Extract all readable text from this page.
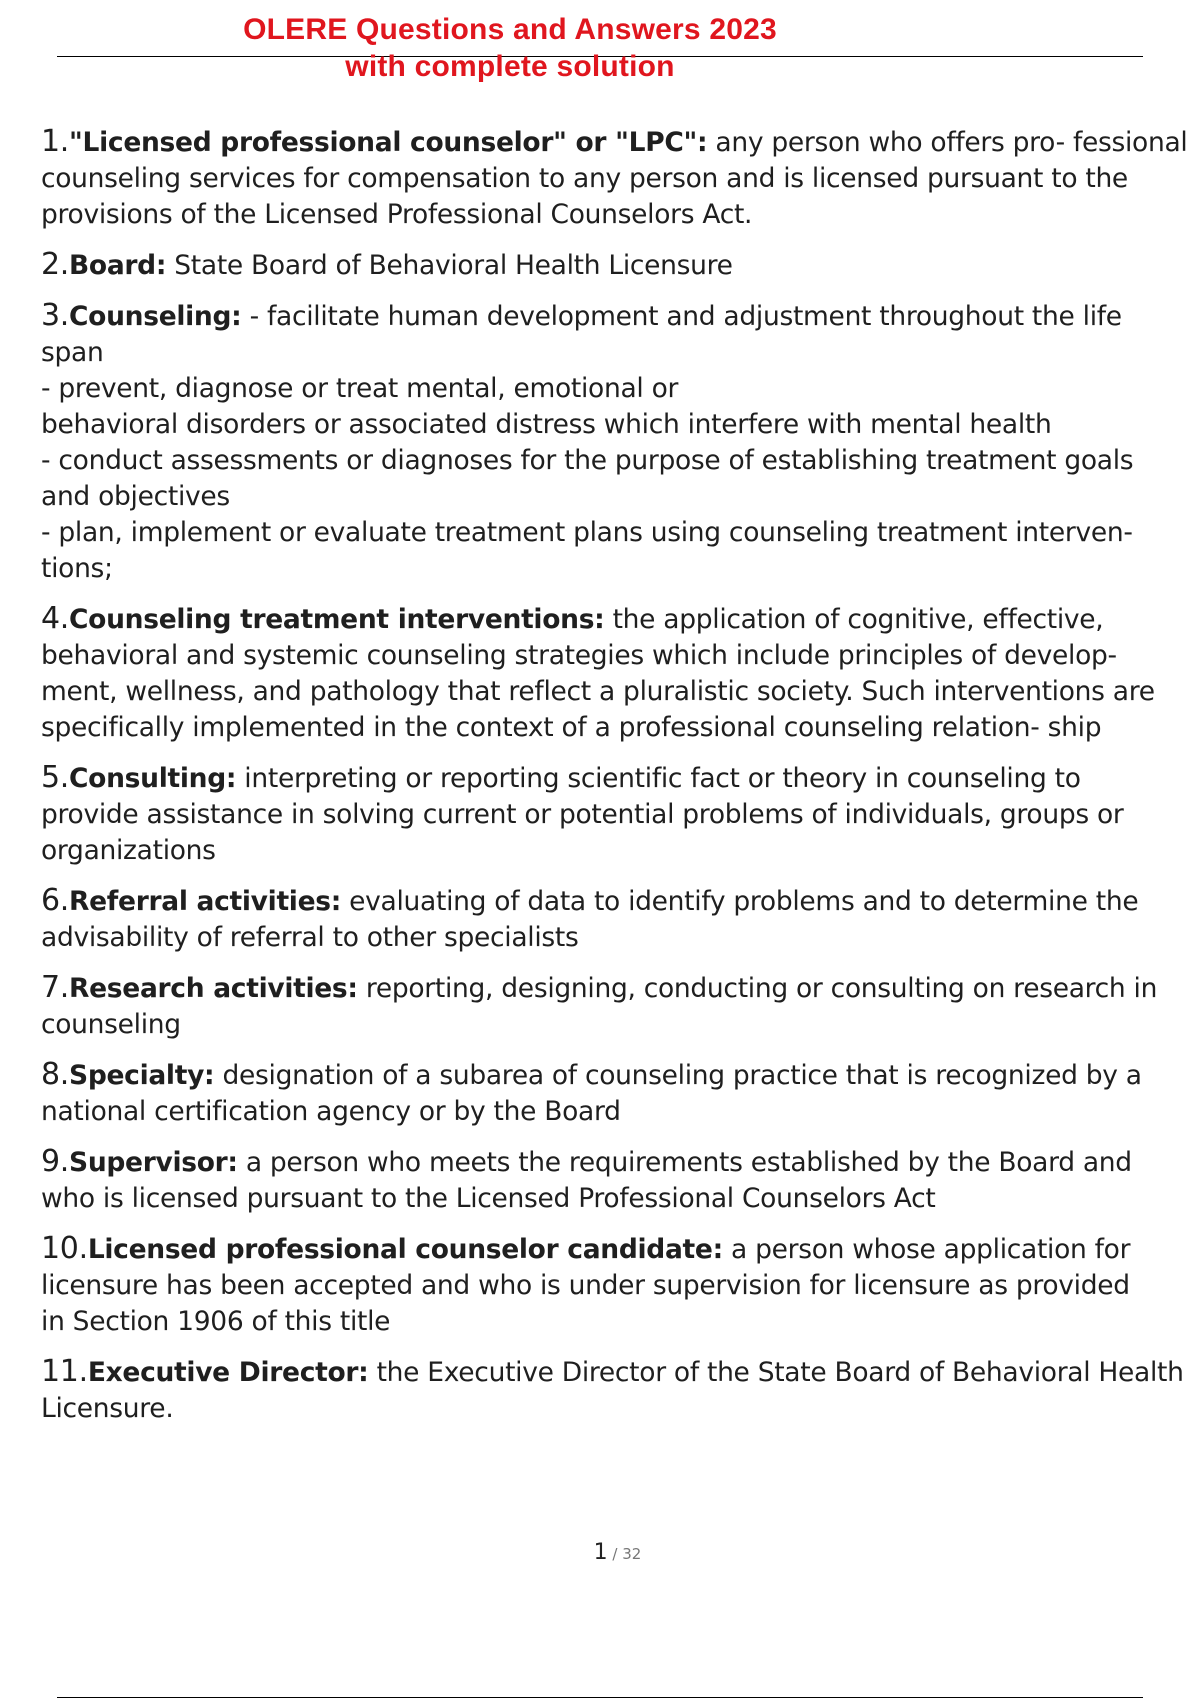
OLERE Questions and Answers 2023
with complete solution
1."Licensed professional counselor" or "LPC": any person who offers pro- fessional
counseling services for compensation to any person and is licensed pursuant to the
provisions of the Licensed Professional Counselors Act.
2.Board: State Board of Behavioral Health Licensure
3.Counseling: - facilitate human development and adjustment throughout the life span
- prevent, diagnose or treat mental, emotional or
behavioral disorders or associated distress which interfere with mental health
- conduct assessments or diagnoses for the purpose of establishing treatment goals
and objectives
- plan, implement or evaluate treatment plans using counseling treatment interven-
tions;
4.Counseling treatment interventions: the application of cognitive, effective,
behavioral and systemic counseling strategies which include principles of develop-
ment, wellness, and pathology that reflect a pluralistic society. Such interventions are
specifically implemented in the context of a professional counseling relation- ship
5.Consulting: interpreting or reporting scientific fact or theory in counseling to
provide assistance in solving current or potential problems of individuals, groups or
organizations
6.Referral activities: evaluating of data to identify problems and to determine the
advisability of referral to other specialists
7.Research activities: reporting, designing, conducting or consulting on research in
counseling
8.Specialty: designation of a subarea of counseling practice that is recognized by a
national certification agency or by the Board
9.Supervisor: a person who meets the requirements established by the Board and
who is licensed pursuant to the Licensed Professional Counselors Act
10.Licensed professional counselor candidate: a person whose application for
licensure has been accepted and who is under supervision for licensure as provided
in Section 1906 of this title
11.Executive Director: the Executive Director of the State Board of Behavioral Health
Licensure.
1 / 32
